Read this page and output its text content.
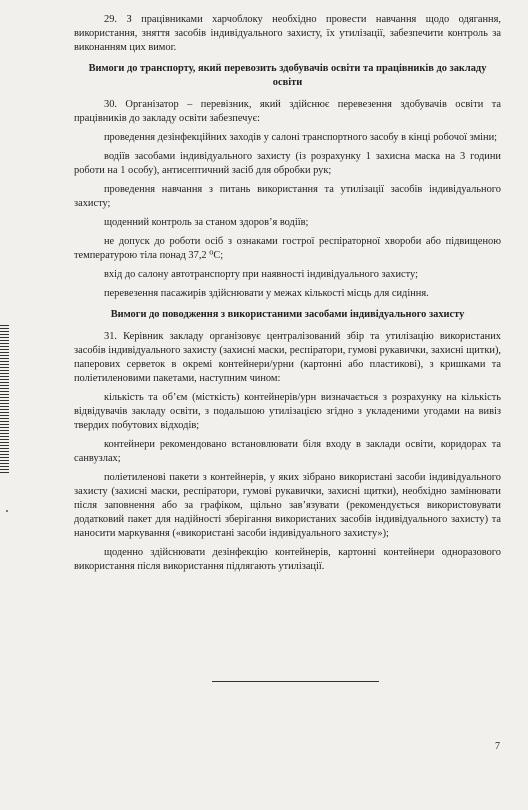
29. З працівниками харчоблоку необхідно провести навчання щодо одягання, використання, зняття засобів індивідуального захисту, їх утилізації, забезпечити контроль за виконанням цих вимог.

Вимоги до транспорту, який перевозить здобувачів освіти та працівників до закладу освіти

30. Організатор – перевізник, який здійснює перевезення здобувачів освіти та працівників до закладу освіти забезпечує:

проведення дезінфекційних заходів у салоні транспортного засобу в кінці робочої зміни;

водіїв засобами індивідуального захисту (із розрахунку 1 захисна маска на 3 години роботи на 1 особу), антисептичний засіб для обробки рук;

проведення навчання з питань використання та утилізації засобів індивідуального захисту;

щоденний контроль за станом здоров’я водіїв;

не допуск до роботи осіб з ознаками гострої респіраторної хвороби або підвищеною температурою тіла понад 37,2 ⁰С;

вхід до салону автотранспорту при наявності індивідуального захисту;

перевезення пасажирів здійснювати у межах кількості місць для сидіння.

Вимоги до поводження з використаними засобами індивідуального захисту

31. Керівник закладу організовує централізований збір та утилізацію використаних засобів індивідуального захисту (захисні маски, респіратори, гумові рукавички, захисні щитки), паперових серветок в окремі контейнери/урни (картонні або пластикові), з кришками та поліетиленовими пакетами, наступним чином:

кількість та об’єм (місткість) контейнерів/урн визначається з розрахунку на кількість відвідувачів закладу освіти, з подальшою утилізацією згідно з укладеними угодами на вивіз твердих побутових відходів;

контейнери рекомендовано встановлювати біля входу в заклади освіти, коридорах та санвузлах;

поліетиленові пакети з контейнерів, у яких зібрано використані засоби індивідуального захисту (захисні маски, респіратори, гумові рукавички, захисні щитки), необхідно замінювати після заповнення або за графіком, щільно зав’язувати (рекомендується використовувати додатковий пакет для надійності зберігання використаних засобів індивідуального захисту) та наносити маркування («використані засоби індивідуального захисту»);

щоденно здійснювати дезінфекцію контейнерів, картонні контейнери одноразового використання після використання підлягають утилізації.

7
